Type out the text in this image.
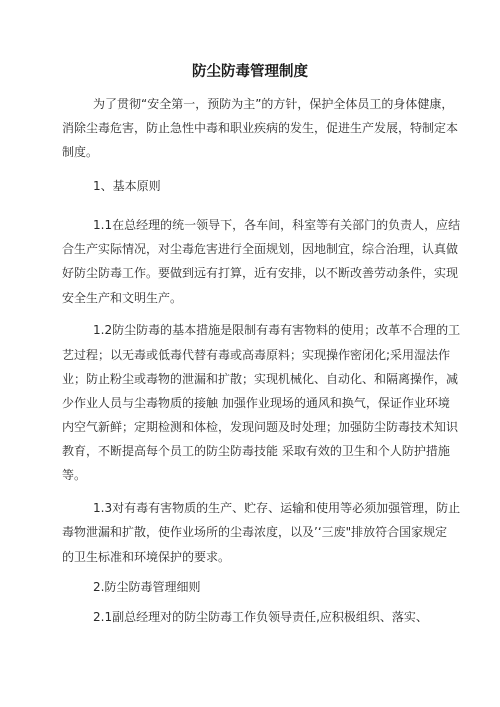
防尘防毒管理制度
为了贯彻“安全第一，预防为主”的方针，保护全体员工的身体健康，
消除尘毒危害，防止急性中毒和职业疾病的发生，促进生产发展，特制定本
制度。
1、基本原则
1.1在总经理的统一领导下，各车间，科室等有关部门的负责人，应结
合生产实际情况，对尘毒危害进行全面规划，因地制宜，综合治理，认真做
好防尘防毒工作。要做到远有打算，近有安排，以不断改善劳动条件，实现
安全生产和文明生产。
1.2防尘防毒的基本措施是限制有毒有害物料的使用；改革不合理的工
艺过程；以无毒或低毒代替有毒或高毒原料；实现操作密闭化;采用湿法作
业；防止粉尘或毒物的泄漏和扩散；实现机械化、自动化、和隔离操作，减
少作业人员与尘毒物质的接触 加强作业现场的通风和换气，保证作业环境
内空气新鲜；定期检测和体检，发现问题及时处理；加强防尘防毒技术知识
教育，不断提高每个员工的防尘防毒技能 采取有效的卫生和个人防护措施
等。
1.3对有毒有害物质的生产、贮存、运输和使用等必须加强管理，防止
毒物泄漏和扩散，使作业场所的尘毒浓度，以及’‘三废"排放符合国家规定
的卫生标准和环境保护的要求。
2.防尘防毒管理细则
2.1副总经理对的防尘防毒工作负领导责任,应积极组织、落实、
